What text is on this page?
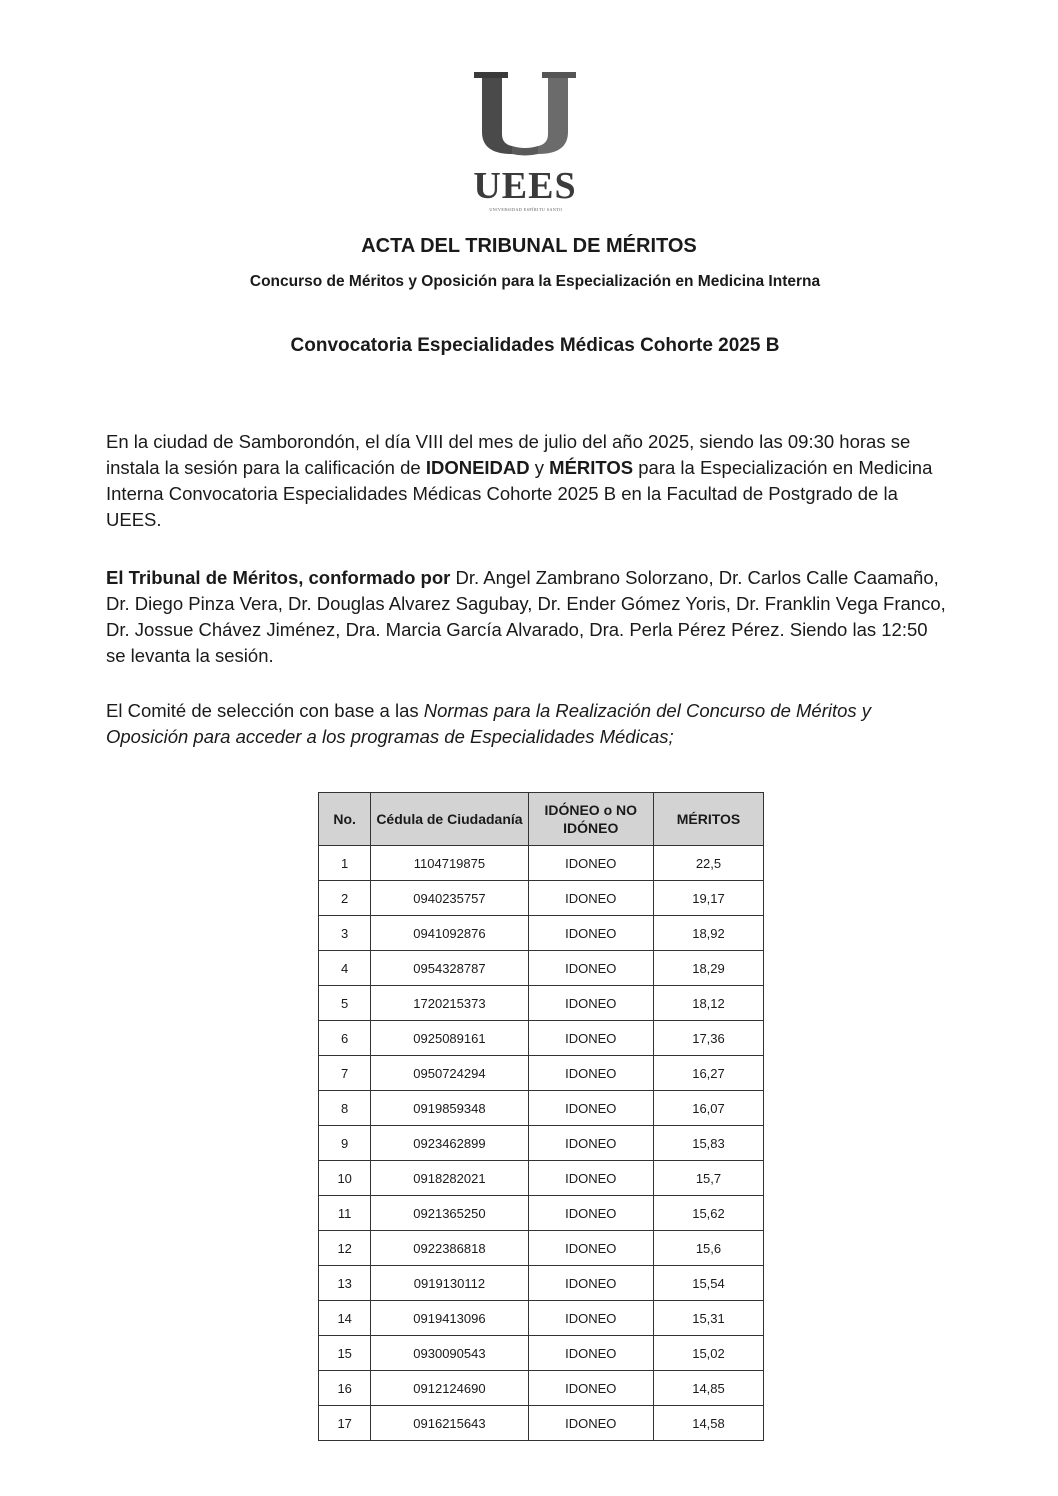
UEES
UNIVERSIDAD ESPÍRITU SANTO
ACTA DEL TRIBUNAL DE MÉRITOS
Concurso de Méritos y Oposición para la Especialización en Medicina Interna
Convocatoria Especialidades Médicas Cohorte 2025 B
En la ciudad de Samborondón, el día VIII del mes de julio del año 2025, siendo las 09:30 horas se instala la sesión para la calificación de IDONEIDAD y MÉRITOS para la Especialización en Medicina Interna Convocatoria Especialidades Médicas Cohorte 2025 B en la Facultad de Postgrado de la UEES.
El Tribunal de Méritos, conformado por Dr. Angel Zambrano Solorzano, Dr. Carlos Calle Caamaño, Dr. Diego Pinza Vera, Dr. Douglas Alvarez Sagubay, Dr. Ender Gómez Yoris, Dr. Franklin Vega Franco, Dr. Jossue Chávez Jiménez, Dra. Marcia García Alvarado, Dra. Perla Pérez Pérez. Siendo las 12:50 se levanta la sesión.
El Comité de selección con base a las Normas para la Realización del Concurso de Méritos y Oposición para acceder a los programas de Especialidades Médicas;
No.	Cédula de Ciudadanía	IDÓNEO o NO IDÓNEO	MÉRITOS
1	1104719875	IDONEO	22,5
2	0940235757	IDONEO	19,17
3	0941092876	IDONEO	18,92
4	0954328787	IDONEO	18,29
5	1720215373	IDONEO	18,12
6	0925089161	IDONEO	17,36
7	0950724294	IDONEO	16,27
8	0919859348	IDONEO	16,07
9	0923462899	IDONEO	15,83
10	0918282021	IDONEO	15,7
11	0921365250	IDONEO	15,62
12	0922386818	IDONEO	15,6
13	0919130112	IDONEO	15,54
14	0919413096	IDONEO	15,31
15	0930090543	IDONEO	15,02
16	0912124690	IDONEO	14,85
17	0916215643	IDONEO	14,58
